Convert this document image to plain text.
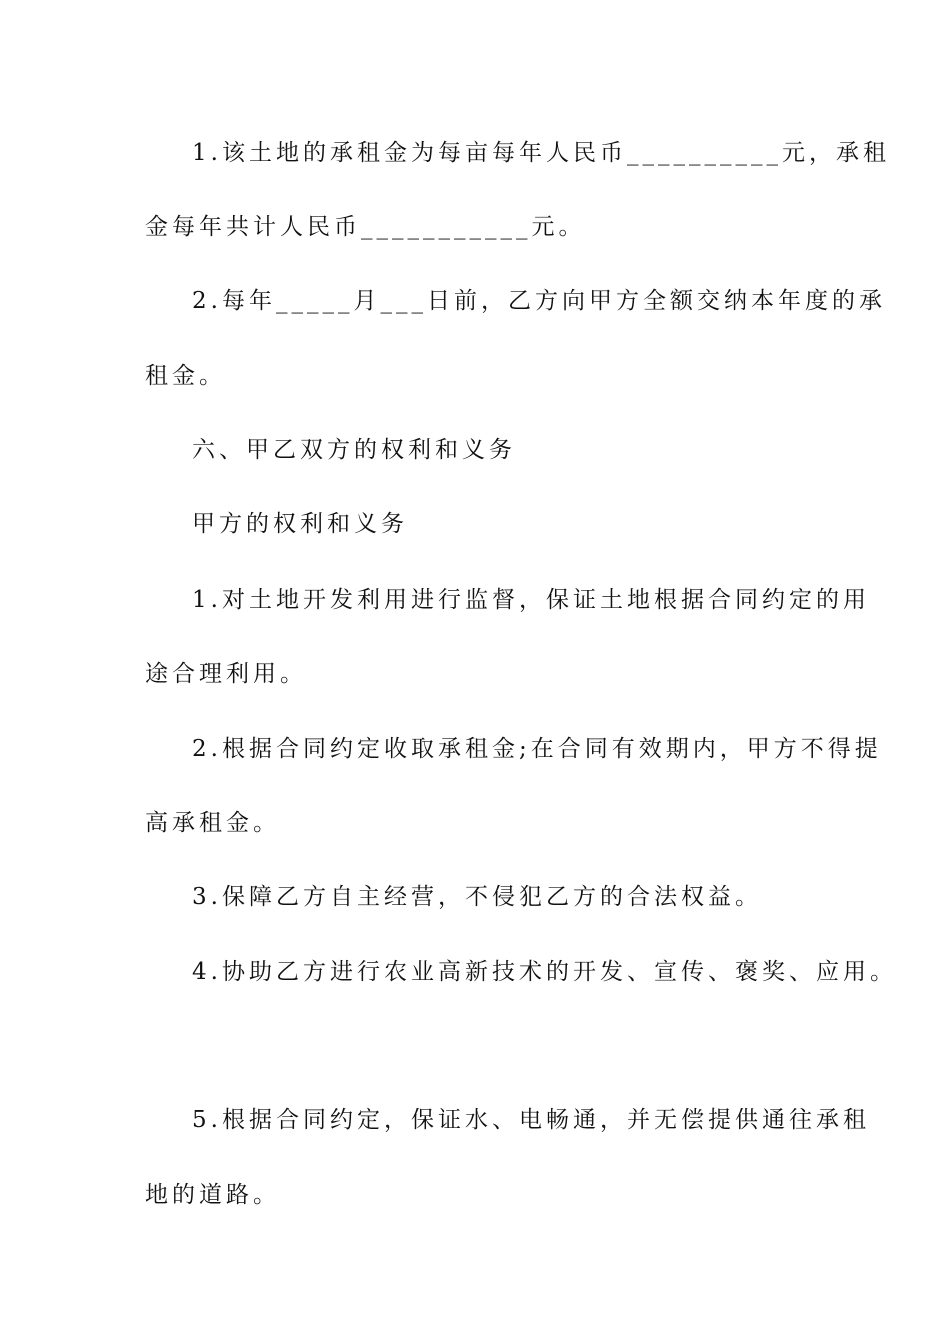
1.该土地的承租金为每亩每年人民币__________元，承租
金每年共计人民币___________元。
2.每年_____月___日前，乙方向甲方全额交纳本年度的承
租金。
六、甲乙双方的权利和义务
甲方的权利和义务
1.对土地开发利用进行监督，保证土地根据合同约定的用
途合理利用。
2.根据合同约定收取承租金;在合同有效期内，甲方不得提
高承租金。
3.保障乙方自主经营，不侵犯乙方的合法权益。
4.协助乙方进行农业高新技术的开发、宣传、褒奖、应用。
5.根据合同约定，保证水、电畅通，并无偿提供通往承租
地的道路。
